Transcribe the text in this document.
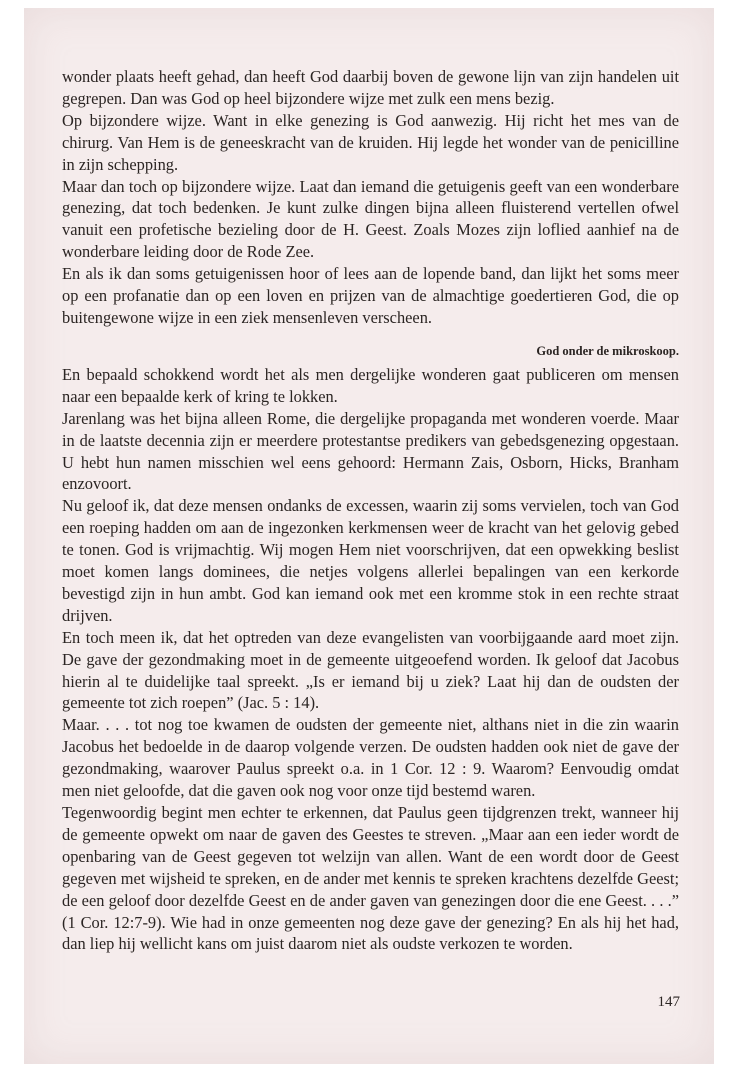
wonder plaats heeft gehad, dan heeft God daarbij boven de gewone lijn van zijn handelen uit gegrepen. Dan was God op heel bijzondere wijze met zulk een mens bezig.

Op bijzondere wijze. Want in elke genezing is God aanwezig. Hij richt het mes van de chirurg. Van Hem is de geneeskracht van de kruiden. Hij legde het wonder van de penicilline in zijn schepping.

Maar dan toch op bijzondere wijze. Laat dan iemand die getuigenis geeft van een wonderbare genezing, dat toch bedenken. Je kunt zulke dingen bijna alleen fluisterend vertellen ofwel vanuit een profetische bezieling door de H. Geest. Zoals Mozes zijn loflied aanhief na de wonderbare leiding door de Rode Zee.

En als ik dan soms getuigenissen hoor of lees aan de lopende band, dan lijkt het soms meer op een profanatie dan op een loven en prijzen van de almachtige goedertieren God, die op buitengewone wijze in een ziek mensenleven verscheen.

God onder de mikroskoop.

En bepaald schokkend wordt het als men dergelijke wonderen gaat publiceren om mensen naar een bepaalde kerk of kring te lokken.

Jarenlang was het bijna alleen Rome, die dergelijke propaganda met wonderen voerde. Maar in de laatste decennia zijn er meerdere protestantse predikers van gebedsgenezing opgestaan. U hebt hun namen misschien wel eens gehoord: Hermann Zais, Osborn, Hicks, Branham enzovoort.

Nu geloof ik, dat deze mensen ondanks de excessen, waarin zij soms vervielen, toch van God een roeping hadden om aan de ingezonken kerkmensen weer de kracht van het gelovig gebed te tonen. God is vrijmachtig. Wij mogen Hem niet voorschrijven, dat een opwekking beslist moet komen langs dominees, die netjes volgens allerlei bepalingen van een kerkorde bevestigd zijn in hun ambt. God kan iemand ook met een kromme stok in een rechte straat drijven.

En toch meen ik, dat het optreden van deze evangelisten van voorbijgaande aard moet zijn. De gave der gezondmaking moet in de gemeente uitgeoefend worden. Ik geloof dat Jacobus hierin al te duidelijke taal spreekt. „Is er iemand bij u ziek? Laat hij dan de oudsten der gemeente tot zich roepen” (Jac. 5 : 14).

Maar. . . . tot nog toe kwamen de oudsten der gemeente niet, althans niet in die zin waarin Jacobus het bedoelde in de daarop volgende verzen. De oudsten hadden ook niet de gave der gezondmaking, waarover Paulus spreekt o.a. in 1 Cor. 12 : 9. Waarom? Eenvoudig omdat men niet geloofde, dat die gaven ook nog voor onze tijd bestemd waren.

Tegenwoordig begint men echter te erkennen, dat Paulus geen tijdgrenzen trekt, wanneer hij de gemeente opwekt om naar de gaven des Geestes te streven. „Maar aan een ieder wordt de openbaring van de Geest gegeven tot welzijn van allen. Want de een wordt door de Geest gegeven met wijsheid te spreken, en de ander met kennis te spreken krachtens dezelfde Geest; de een geloof door dezelfde Geest en de ander gaven van genezingen door die ene Geest. . . .” (1 Cor. 12:7-9). Wie had in onze gemeenten nog deze gave der genezing? En als hij het had, dan liep hij wellicht kans om juist daarom niet als oudste verkozen te worden.

147
